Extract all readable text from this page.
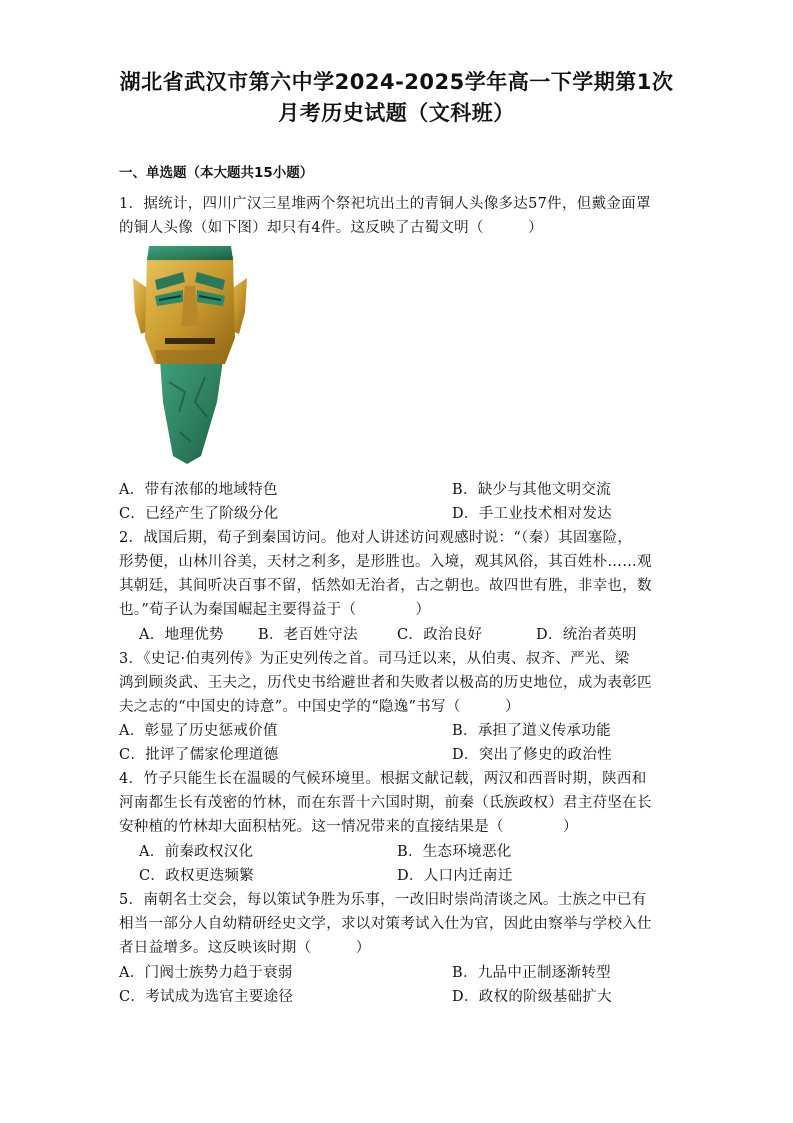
湖北省武汉市第六中学2024-2025学年高一下学期第1次
月考历史试题（文科班）
一、单选题（本大题共15小题）
1．据统计，四川广汉三星堆两个祭祀坑出土的青铜人头像多达57件，但戴金面罩
的铜人头像（如下图）却只有4件。这反映了古蜀文明（　　　）
A．带有浓郁的地域特色	B．缺少与其他文明交流
C．已经产生了阶级分化	D．手工业技术相对发达
2．战国后期，荀子到秦国访问。他对人讲述访问观感时说：“（秦）其固塞险，
形势便，山林川谷美，天材之利多，是形胜也。入境，观其风俗，其百姓朴……观
其朝廷，其间听决百事不留，恬然如无治者，古之朝也。故四世有胜，非幸也，数
也。”荀子认为秦国崛起主要得益于（　　　　）
A．地理优势 B．老百姓守法	C．政治良好	D．统治者英明
3．《史记·伯夷列传》为正史列传之首。司马迁以来，从伯夷、叔齐、严光、梁
鸿到顾炎武、王夫之，历代史书给避世者和失败者以极高的历史地位，成为表彰匹
夫之志的“中国史的诗意”。中国史学的“隐逸”书写（　　　）
A．彰显了历史惩戒价值	B．承担了道义传承功能
C．批评了儒家伦理道德	D．突出了修史的政治性
4．竹子只能生长在温暖的气候环境里。根据文献记载，两汉和西晋时期，陕西和
河南都生长有茂密的竹林，而在东晋十六国时期，前秦（氐族政权）君主苻坚在长
安种植的竹林却大面积枯死。这一情况带来的直接结果是（　　　　）
A．前秦政权汉化	B．生态环境恶化
C．政权更迭频繁	D．人口内迁南迁
5．南朝名士交会，每以策试争胜为乐事，一改旧时崇尚清谈之风。士族之中已有
相当一部分人自幼精研经史文学，求以对策考试入仕为官，因此由察举与学校入仕
者日益增多。这反映该时期（　　　）
A．门阀士族势力趋于衰弱	B．九品中正制逐渐转型
C．考试成为选官主要途径	D．政权的阶级基础扩大
